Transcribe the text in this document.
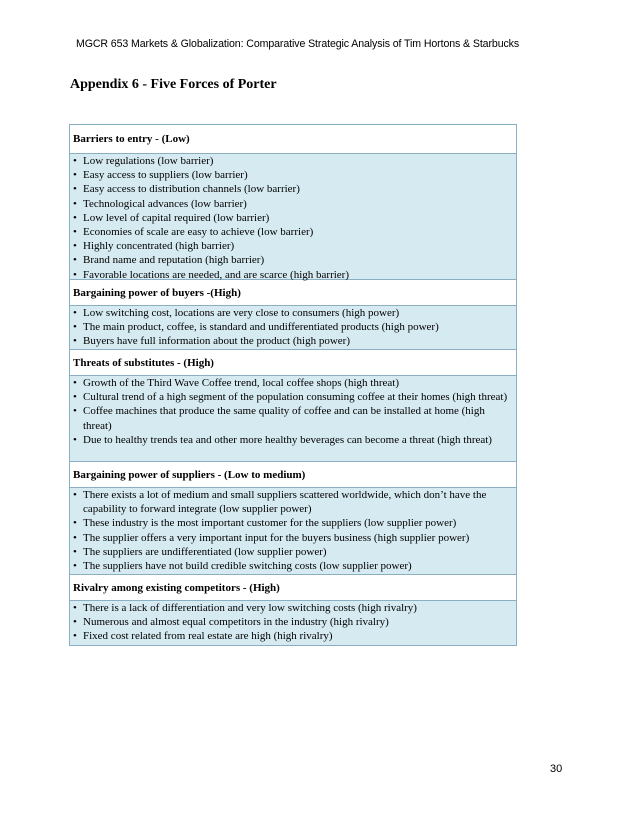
MGCR 653 Markets & Globalization: Comparative Strategic Analysis of Tim Hortons & Starbucks
Appendix 6 - Five Forces of Porter
Barriers to entry - (Low)
• Low regulations (low barrier)
• Easy access to suppliers (low barrier)
• Easy access to distribution channels (low barrier)
• Technological advances (low barrier)
• Low level of capital required (low barrier)
• Economies of scale are easy to achieve (low barrier)
• Highly concentrated (high barrier)
• Brand name and reputation (high barrier)
• Favorable locations are needed, and are scarce (high barrier)
Bargaining power of buyers -(High)
• Low switching cost, locations are very close to consumers (high power)
• The main product, coffee, is standard and undifferentiated products (high power)
• Buyers have full information about the product (high power)
Threats of substitutes - (High)
• Growth of the Third Wave Coffee trend, local coffee shops (high threat)
• Cultural trend of a high segment of the population consuming coffee at their homes (high threat)
• Coffee machines that produce the same quality of coffee and can be installed at home (high threat)
• Due to healthy trends tea and other more healthy beverages can become a threat (high threat)
Bargaining power of suppliers - (Low to medium)
• There exists a lot of medium and small suppliers scattered worldwide, which don’t have the capability to forward integrate (low supplier power)
• These industry is the most important customer for the suppliers (low supplier power)
• The supplier offers a very important input for the buyers business (high supplier power)
• The suppliers are undifferentiated (low supplier power)
• The suppliers have not build credible switching costs (low supplier power)
Rivalry among existing competitors - (High)
• There is a lack of differentiation and very low switching costs (high rivalry)
• Numerous and almost equal competitors in the industry (high rivalry)
• Fixed cost related from real estate are high (high rivalry)
30
